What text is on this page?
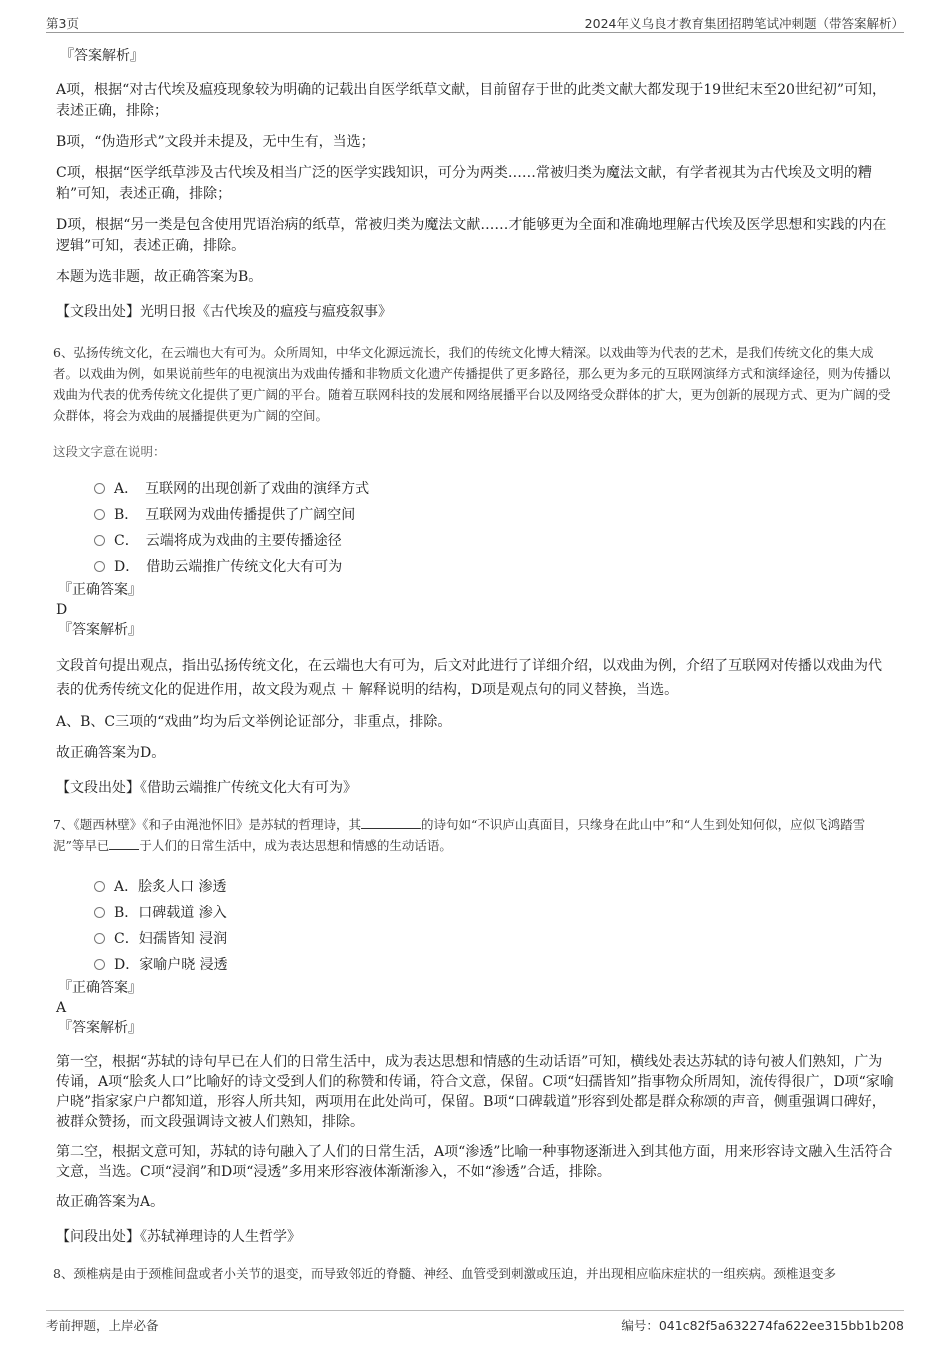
第3页	2024年义乌良才教育集团招聘笔试冲刺题（带答案解析）

『答案解析』

A项，根据“对古代埃及瘟疫现象较为明确的记载出自医学纸草文献，目前留存于世的此类文献大都发现于19世纪末至20世纪初”可知，表述正确，排除；

B项，“伪造形式”文段并未提及，无中生有，当选；

C项，根据“医学纸草涉及古代埃及相当广泛的医学实践知识，可分为两类……常被归类为魔法文献，有学者视其为古代埃及文明的糟粕”可知，表述正确，排除；

D项，根据“另一类是包含使用咒语治病的纸草，常被归类为魔法文献……才能够更为全面和准确地理解古代埃及医学思想和实践的内在逻辑”可知，表述正确，排除。

本题为选非题，故正确答案为B。

【文段出处】光明日报《古代埃及的瘟疫与瘟疫叙事》

6、弘扬传统文化，在云端也大有可为。众所周知，中华文化源远流长，我们的传统文化博大精深。以戏曲等为代表的艺术，是我们传统文化的集大成者。以戏曲为例，如果说前些年的电视演出为戏曲传播和非物质文化遗产传播提供了更多路径，那么更为多元的互联网演绎方式和演绎途径，则为传播以戏曲为代表的优秀传统文化提供了更广阔的平台。随着互联网科技的发展和网络展播平台以及网络受众群体的扩大，更为创新的展现方式、更为广阔的受众群体，将会为戏曲的展播提供更为广阔的空间。

这段文字意在说明：

A．　互联网的出现创新了戏曲的演绎方式
B．　互联网为戏曲传播提供了广阔空间
C．　云端将成为戏曲的主要传播途径
D．　借助云端推广传统文化大有可为

『正确答案』

D

『答案解析』

文段首句提出观点，指出弘扬传统文化，在云端也大有可为，后文对此进行了详细介绍，以戏曲为例，介绍了互联网对传播以戏曲为代表的优秀传统文化的促进作用，故文段为观点 ＋ 解释说明的结构，D项是观点句的同义替换，当选。

A、B、C三项的“戏曲”均为后文举例论证部分，非重点，排除。

故正确答案为D。

【文段出处】《借助云端推广传统文化大有可为》

7、《题西林壁》《和子由渑池怀旧》是苏轼的哲理诗，其	的诗句如“不识庐山真面目，只缘身在此山中”和“人生到处知何似，应似飞鸿踏雪泥”等早已 于人们的日常生活中，成为表达思想和情感的生动话语。

A．脍炙人口 渗透
B．口碑载道 渗入
C．妇孺皆知 浸润
D．家喻户晓 浸透

『正确答案』

A

『答案解析』

第一空，根据“苏轼的诗句早已在人们的日常生活中，成为表达思想和情感的生动话语”可知，横线处表达苏轼的诗句被人们熟知，广为传诵，A项“脍炙人口”比喻好的诗文受到人们的称赞和传诵，符合文意，保留。C项“妇孺皆知”指事物众所周知，流传得很广，D项“家喻户晓”指家家户户都知道，形容人所共知，两项用在此处尚可，保留。B项“口碑载道”形容到处都是群众称颂的声音，侧重强调口碑好，被群众赞扬，而文段强调诗文被人们熟知，排除。

第二空，根据文意可知，苏轼的诗句融入了人们的日常生活，A项“渗透”比喻一种事物逐渐进入到其他方面，用来形容诗文融入生活符合文意，当选。C项“浸润”和D项“浸透”多用来形容液体渐渐渗入，不如“渗透”合适，排除。

故正确答案为A。

【问段出处】《苏轼禅理诗的人生哲学》

8、颈椎病是由于颈椎间盘或者小关节的退变，而导致邻近的脊髓、神经、血管受到刺激或压迫，并出现相应临床症状的一组疾病。颈椎退变多

考前押题，上岸必备	编号：041c82f5a632274fa622ee315bb1b208
